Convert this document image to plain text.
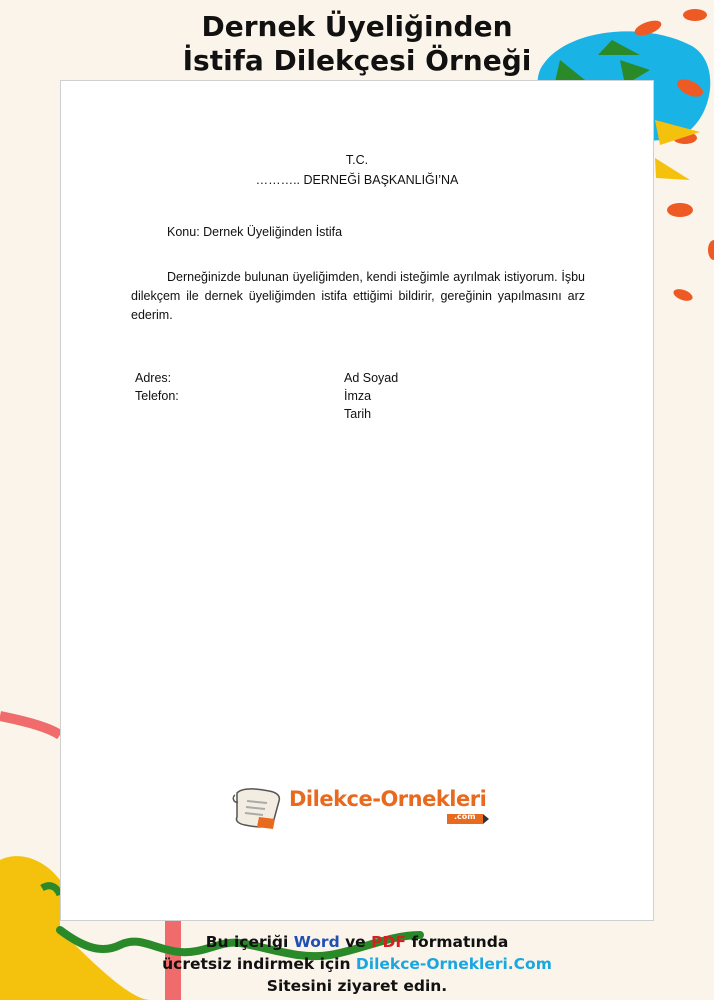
Dernek Üyeliğinden
İstifa Dilekçesi Örneği
T.C.
……….. DERNEĞİ BAŞKANLIĞI’NA
Konu: Dernek Üyeliğinden İstifa

Derneğinizde bulunan üyeliğimden, kendi isteğimle ayrılmak istiyorum. İşbu dilekçem ile dernek üyeliğimden istifa ettiğimi bildirir, gereğinin yapılmasını arz ederim.

Adres:
Telefon:
Ad Soyad
İmza
Tarih
Dilekce-Ornekleri
.com
Bu içeriği Word ve PDF formatında
ücretsiz indirmek için Dilekce-Ornekleri.Com
Sitesini ziyaret edin.
